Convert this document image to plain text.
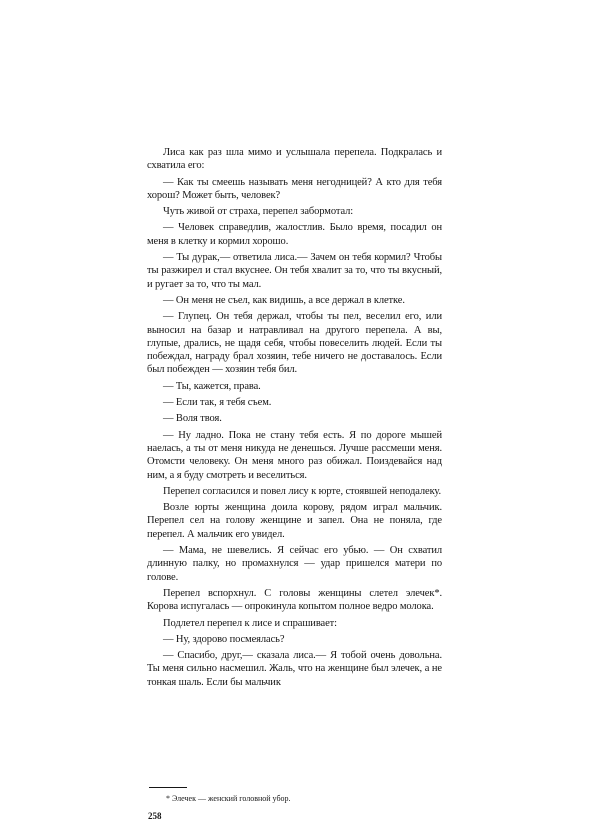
Лиса как раз шла мимо и услышала перепела. Подкралась и схватила его:

— Как ты смеешь называть меня негодницей? А кто для тебя хорош? Может быть, человек?

Чуть живой от страха, перепел забормотал:

— Человек справедлив, жалостлив. Было время, посадил он меня в клетку и кормил хорошо.

— Ты дурак,— ответила лиса.— Зачем он тебя кормил? Чтобы ты разжирел и стал вкуснее. Он тебя хвалит за то, что ты вкусный, и ругает за то, что ты мал.

— Он меня не съел, как видишь, а все держал в клетке.

— Глупец. Он тебя держал, чтобы ты пел, веселил его, или выносил на базар и натравливал на другого перепела. А вы, глупые, дрались, не щадя себя, чтобы повеселить людей. Если ты побеждал, награду брал хозяин, тебе ничего не доставалось. Если был побежден — хозяин тебя бил.

— Ты, кажется, права.

— Если так, я тебя съем.

— Воля твоя.

— Ну ладно. Пока не стану тебя есть. Я по дороге мышей наелась, а ты от меня никуда не денешься. Лучше рассмеши меня. Отомсти человеку. Он меня много раз обижал. Поиздевайся над ним, а я буду смотреть и веселиться.

Перепел согласился и повел лису к юрте, стоявшей неподалеку.

Возле юрты женщина доила корову, рядом играл мальчик. Перепел сел на голову женщине и запел. Она не поняла, где перепел. А мальчик его увидел.

— Мама, не шевелись. Я сейчас его убью. — Он схватил длинную палку, но промахнулся — удар пришелся матери по голове.

Перепел вспорхнул. С головы женщины слетел элечек*. Корова испугалась — опрокинула копытом полное ведро молока.

Подлетел перепел к лисе и спрашивает:

— Ну, здорово посмеялась?

— Спасибо, друг,— сказала лиса.— Я тобой очень довольна. Ты меня сильно насмешил. Жаль, что на женщине был элечек, а не тонкая шаль. Если бы мальчик

* Элечек — женский головной убор.
258
